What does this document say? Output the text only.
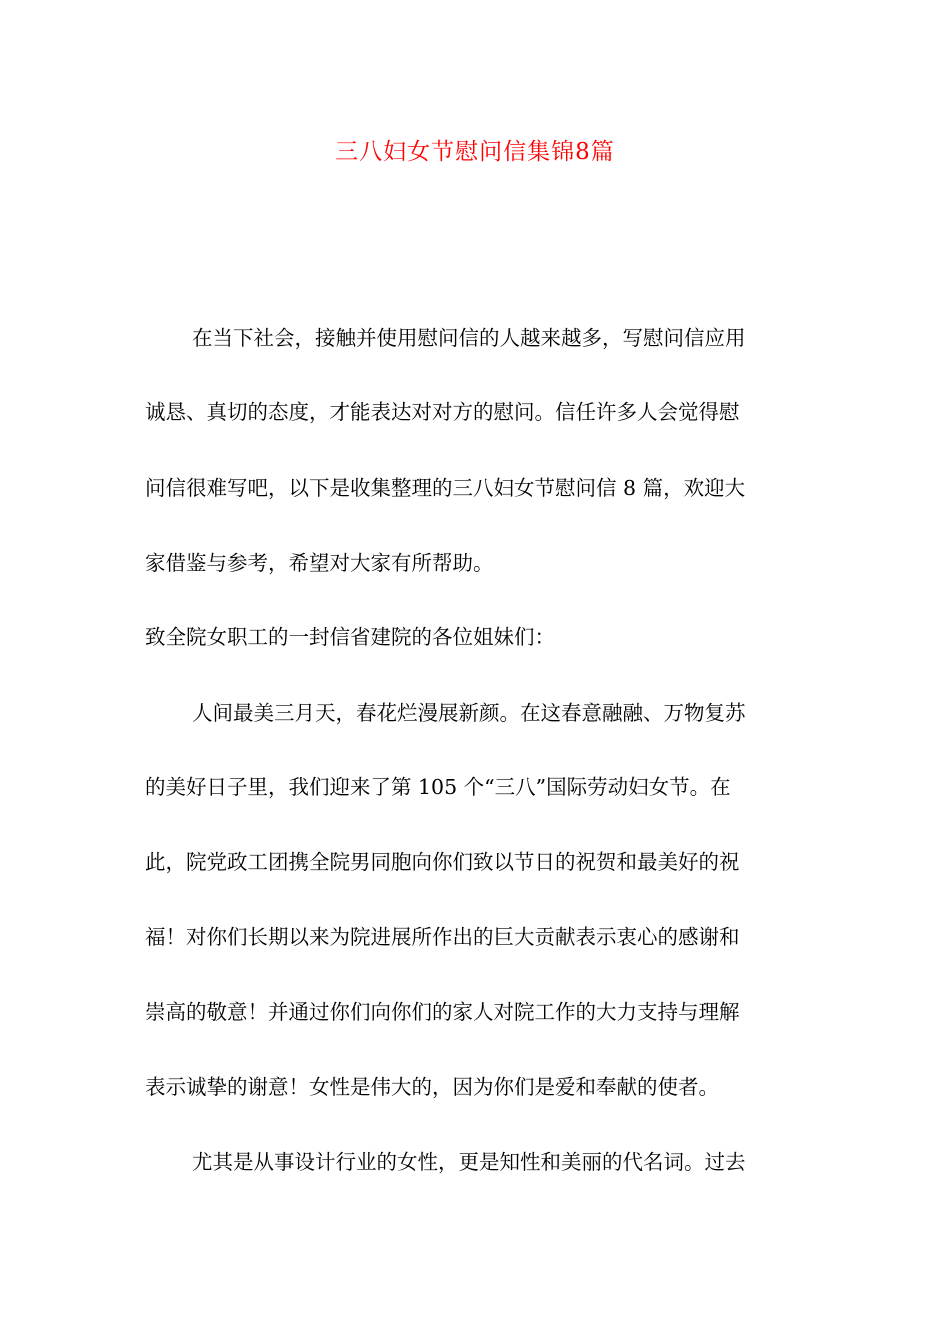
三八妇女节慰问信集锦8篇
在当下社会，接触并使用慰问信的人越来越多，写慰问信应用
诚恳、真切的态度，才能表达对对方的慰问。信任许多人会觉得慰
问信很难写吧，以下是收集整理的三八妇女节慰问信 8 篇，欢迎大
家借鉴与参考，希望对大家有所帮助。
致全院女职工的一封信省建院的各位姐妹们：
人间最美三月天，春花烂漫展新颜。在这春意融融、万物复苏
的美好日子里，我们迎来了第 105 个“三八”国际劳动妇女节。在
此，院党政工团携全院男同胞向你们致以节日的祝贺和最美好的祝
福！对你们长期以来为院进展所作出的巨大贡献表示衷心的感谢和
崇高的敬意！并通过你们向你们的家人对院工作的大力支持与理解
表示诚挚的谢意！女性是伟大的，因为你们是爱和奉献的使者。
尤其是从事设计行业的女性，更是知性和美丽的代名词。过去
